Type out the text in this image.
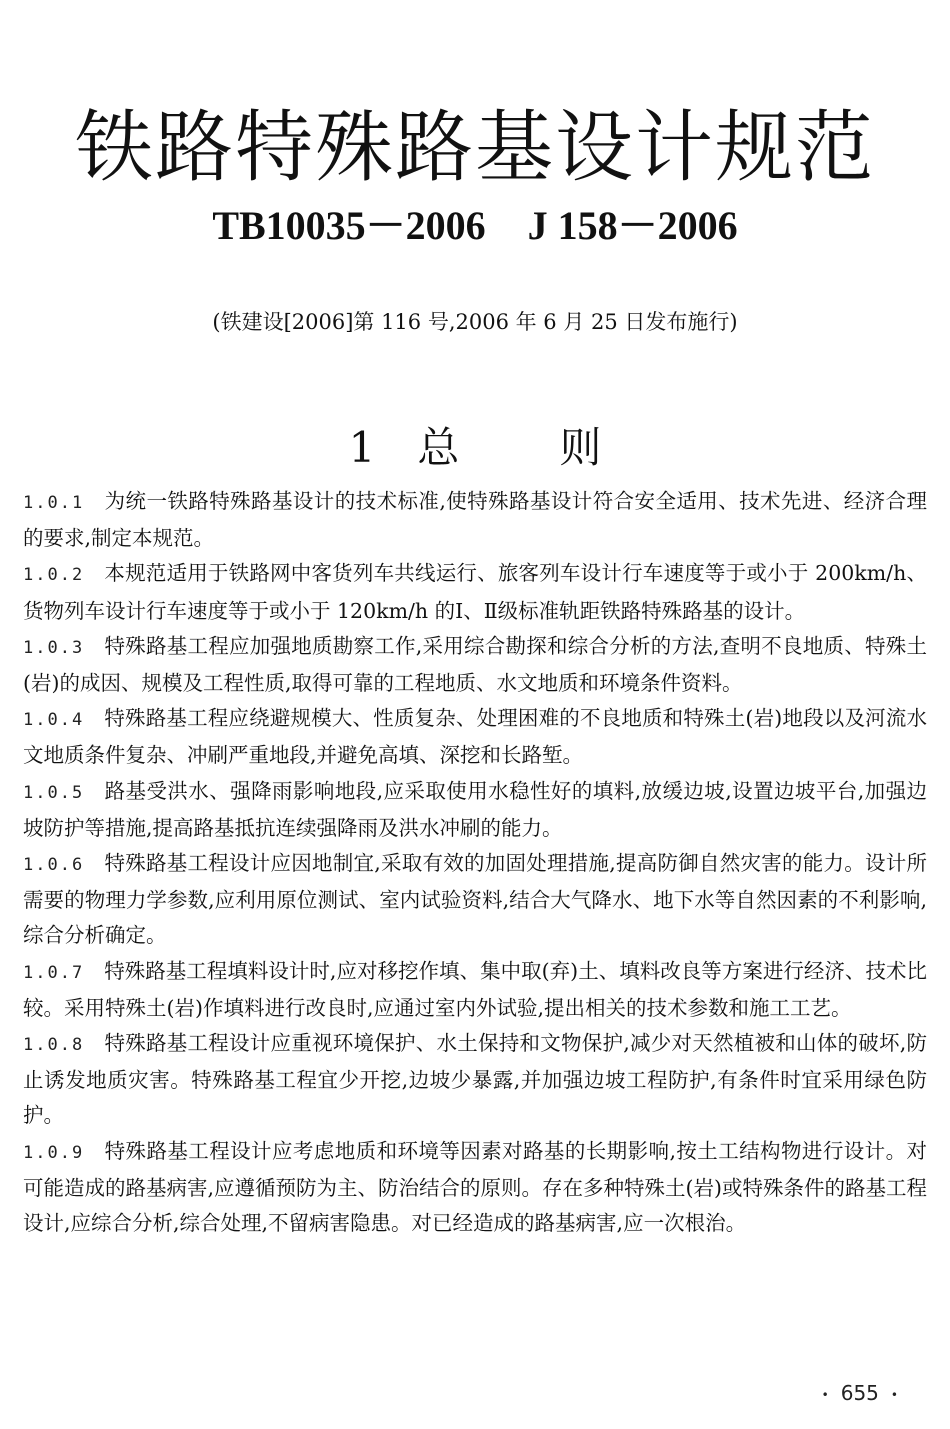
铁路特殊路基设计规范
TB10035－2006 J 158－2006
(铁建设[2006]第 116 号,2006 年 6 月 25 日发布施行)
1 总 则

1.0.1 为统一铁路特殊路基设计的技术标准,使特殊路基设计符合安全适用、技术先进、经济合理的要求,制定本规范。

1.0.2 本规范适用于铁路网中客货列车共线运行、旅客列车设计行车速度等于或小于 200km/h、货物列车设计行车速度等于或小于 120km/h 的Ⅰ、Ⅱ级标准轨距铁路特殊路基的设计。

1.0.3 特殊路基工程应加强地质勘察工作,采用综合勘探和综合分析的方法,查明不良地质、特殊土(岩)的成因、规模及工程性质,取得可靠的工程地质、水文地质和环境条件资料。

1.0.4 特殊路基工程应绕避规模大、性质复杂、处理困难的不良地质和特殊土(岩)地段以及河流水文地质条件复杂、冲刷严重地段,并避免高填、深挖和长路堑。

1.0.5 路基受洪水、强降雨影响地段,应采取使用水稳性好的填料,放缓边坡,设置边坡平台,加强边坡防护等措施,提高路基抵抗连续强降雨及洪水冲刷的能力。

1.0.6 特殊路基工程设计应因地制宜,采取有效的加固处理措施,提高防御自然灾害的能力。设计所需要的物理力学参数,应利用原位测试、室内试验资料,结合大气降水、地下水等自然因素的不利影响,综合分析确定。

1.0.7 特殊路基工程填料设计时,应对移挖作填、集中取(弃)土、填料改良等方案进行经济、技术比较。采用特殊土(岩)作填料进行改良时,应通过室内外试验,提出相关的技术参数和施工工艺。

1.0.8 特殊路基工程设计应重视环境保护、水土保持和文物保护,减少对天然植被和山体的破坏,防止诱发地质灾害。特殊路基工程宜少开挖,边坡少暴露,并加强边坡工程防护,有条件时宜采用绿色防护。

1.0.9 特殊路基工程设计应考虑地质和环境等因素对路基的长期影响,按土工结构物进行设计。对可能造成的路基病害,应遵循预防为主、防治结合的原则。存在多种特殊土(岩)或特殊条件的路基工程设计,应综合分析,综合处理,不留病害隐患。对已经造成的路基病害,应一次根治。

• 655 •
